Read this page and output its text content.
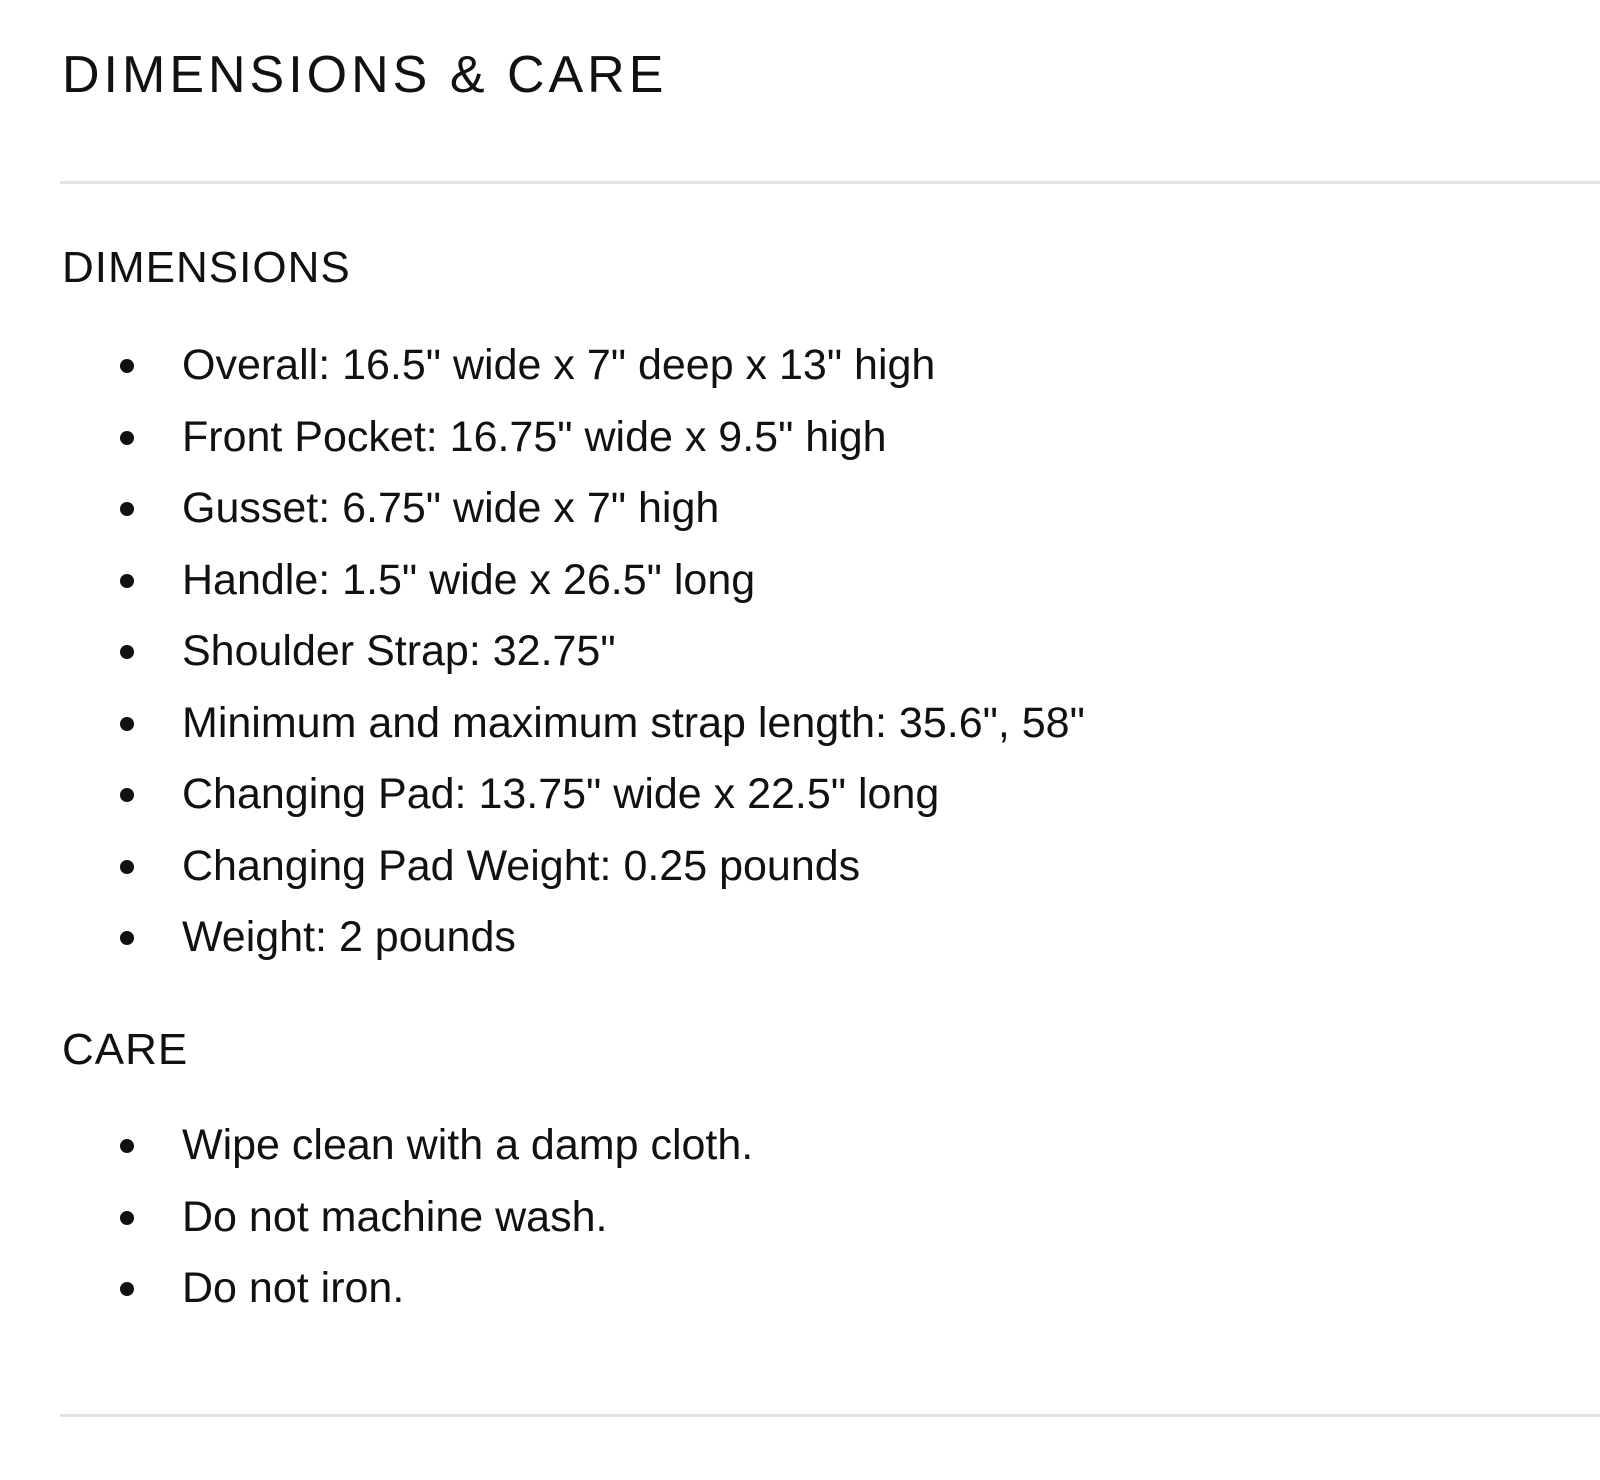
DIMENSIONS & CARE
DIMENSIONS
Overall: 16.5" wide x 7" deep x 13" high
Front Pocket: 16.75" wide x 9.5" high
Gusset: 6.75" wide x 7" high
Handle: 1.5" wide x 26.5" long
Shoulder Strap: 32.75"
Minimum and maximum strap length: 35.6", 58"
Changing Pad: 13.75" wide x 22.5" long
Changing Pad Weight: 0.25 pounds
Weight: 2 pounds
CARE
Wipe clean with a damp cloth.
Do not machine wash.
Do not iron.
